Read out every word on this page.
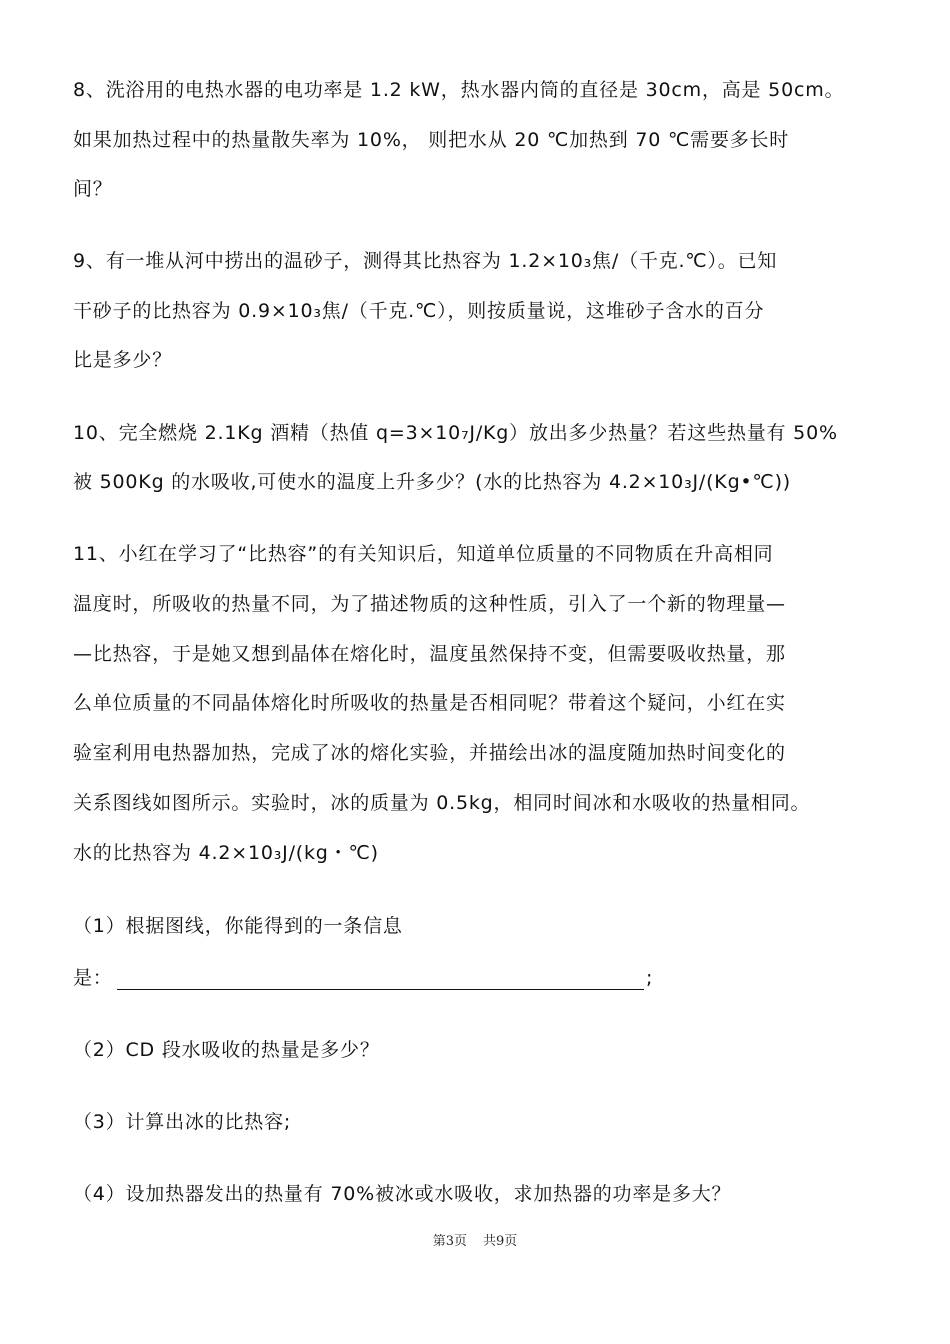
8、洗浴用的电热水器的电功率是 1.2 kW，热水器内筒的直径是 30cm，高是 50cm。
如果加热过程中的热量散失率为 10%， 则把水从 20 ℃加热到 70 ℃需要多长时
间？
9、有一堆从河中捞出的温砂子，测得其比热容为 1.2×10₃焦/（千克.℃）。已知
干砂子的比热容为 0.9×10₃焦/（千克.℃），则按质量说，这堆砂子含水的百分
比是多少？
10、完全燃烧 2.1Kg 酒精（热值 q=3×10₇J/Kg）放出多少热量？若这些热量有 50%
被 500Kg 的水吸收,可使水的温度上升多少？(水的比热容为 4.2×10₃J/(Kg•℃))
11、小红在学习了“比热容”的有关知识后，知道单位质量的不同物质在升高相同
温度时，所吸收的热量不同，为了描述物质的这种性质，引入了一个新的物理量—
—比热容，于是她又想到晶体在熔化时，温度虽然保持不变，但需要吸收热量，那
么单位质量的不同晶体熔化时所吸收的热量是否相同呢？带着这个疑问，小红在实
验室利用电热器加热，完成了冰的熔化实验，并描绘出冰的温度随加热时间变化的
关系图线如图所示。实验时，冰的质量为 0.5kg，相同时间冰和水吸收的热量相同。
水的比热容为 4.2×10₃J/(kg・℃)
（1）根据图线，你能得到的一条信息
是：	;
（2）CD 段水吸收的热量是多少？
（3）计算出冰的比热容;
（4）设加热器发出的热量有 70%被冰或水吸收，求加热器的功率是多大？
第3页 共9页
